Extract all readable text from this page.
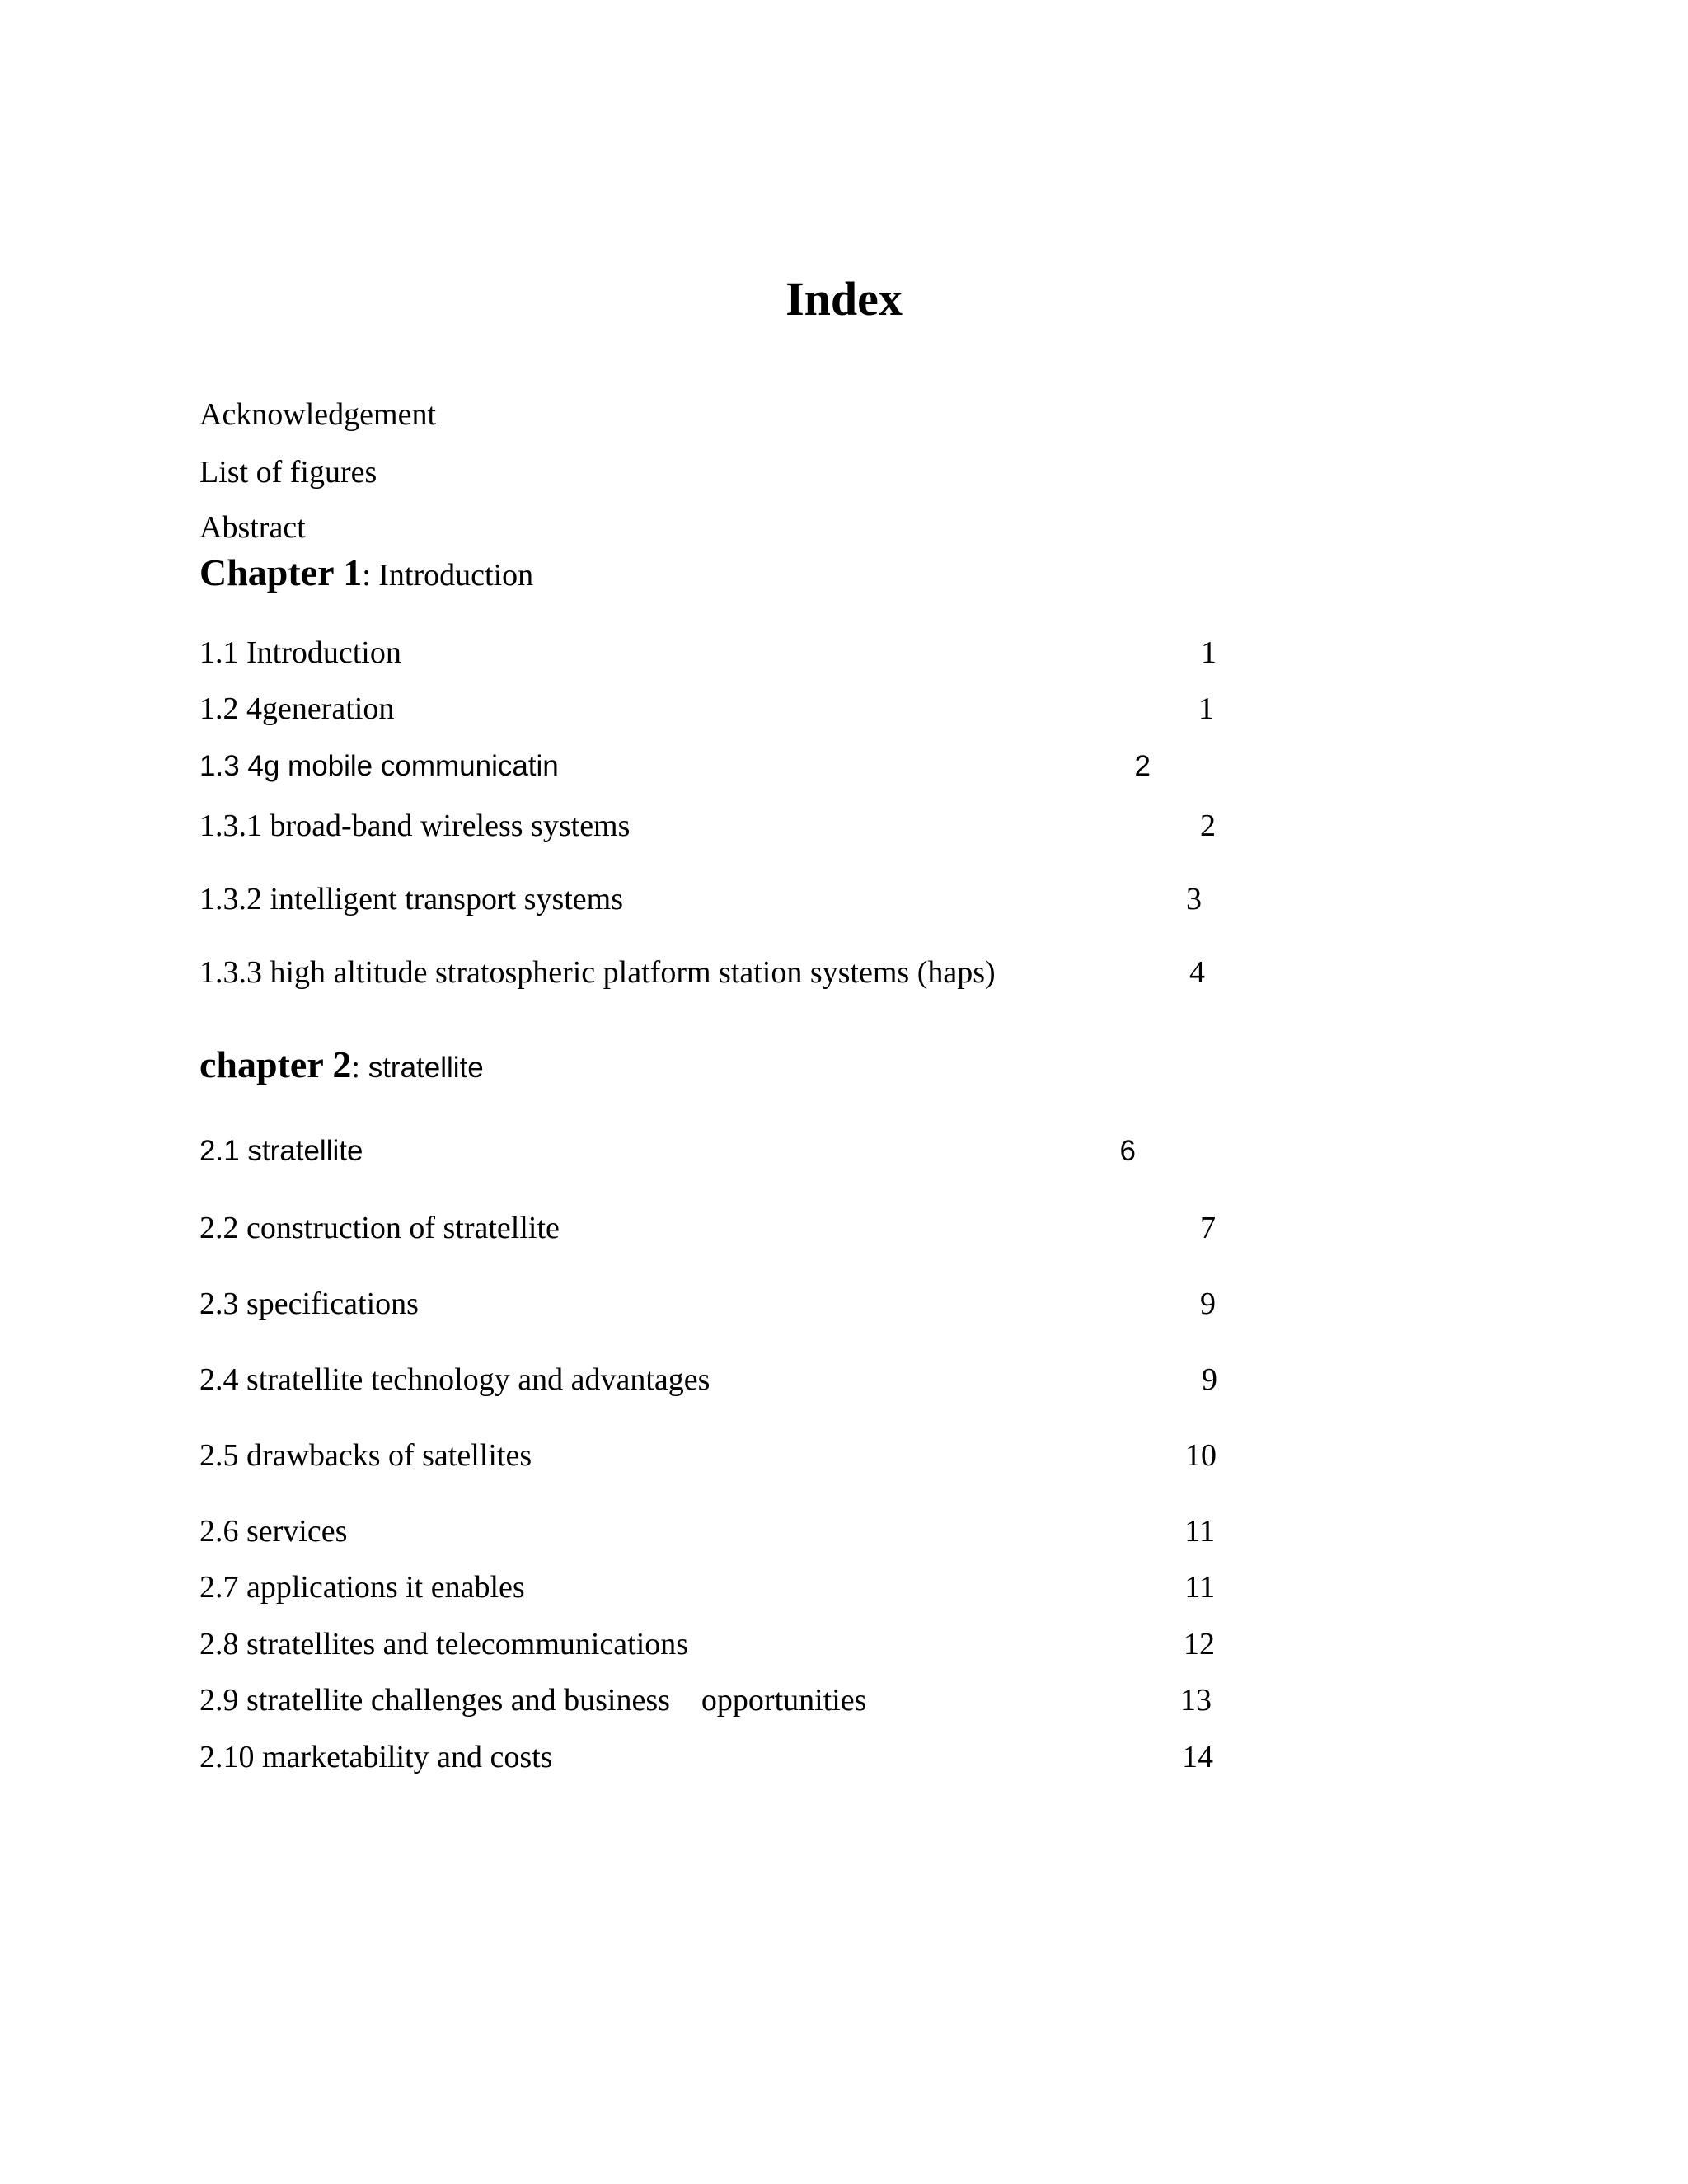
Index
Acknowledgement
List of figures
Abstract
Chapter 1: Introduction
1.1 Introduction
1.2 4generation
1.3 4g mobile communicatin
1.3.1 broad-band wireless systems
1.3.2 intelligent transport systems
1.3.3 high altitude stratospheric platform station systems (haps)
chapter 2: stratellite
2.1 stratellite
2.2 construction of stratellite
2.3 specifications
2.4 stratellite technology and advantages
2.5 drawbacks of satellites
2.6 services
2.7 applications it enables
2.8 stratellites and telecommunications
2.9 stratellite challenges and business    opportunities
2.10 marketability and costs
1
1
2
2
3
4
6
7
9
9
10
11
11
12
13
14
